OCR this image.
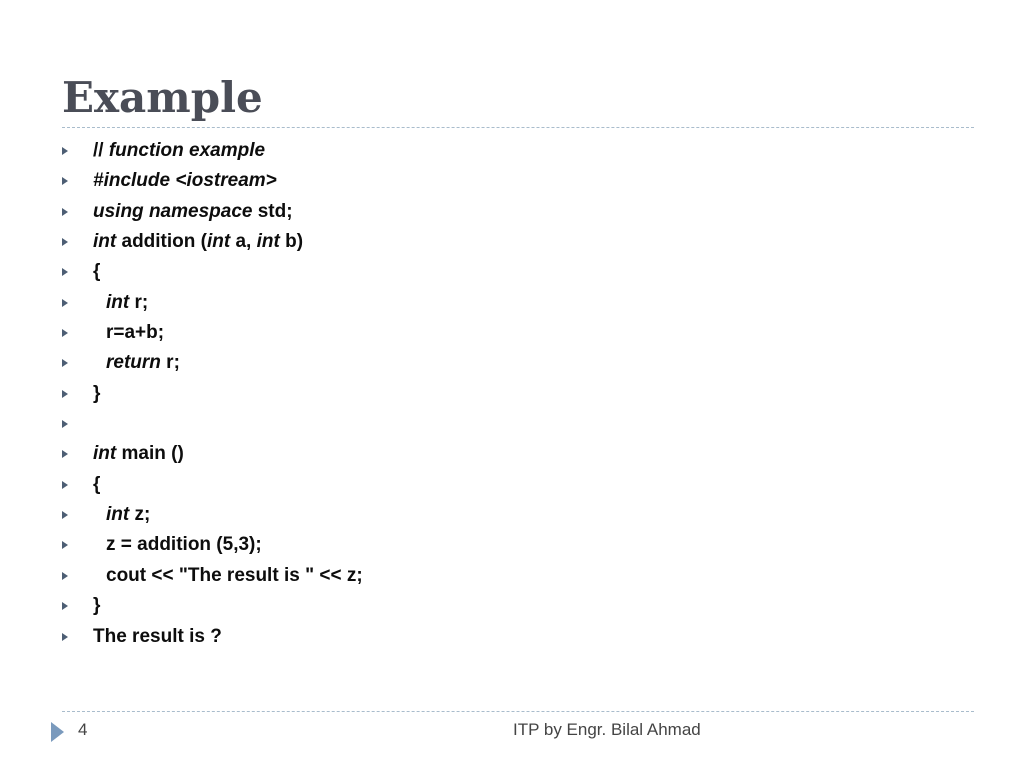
Example

// function example

#include <iostream>

using namespace std;

int addition (int a, int b)

{

int r;

r=a+b;

return r;

}

int main ()

{

int z;

z = addition (5,3);

cout << "The result is " << z;

}

The result is ?

4	ITP by Engr. Bilal Ahmad
